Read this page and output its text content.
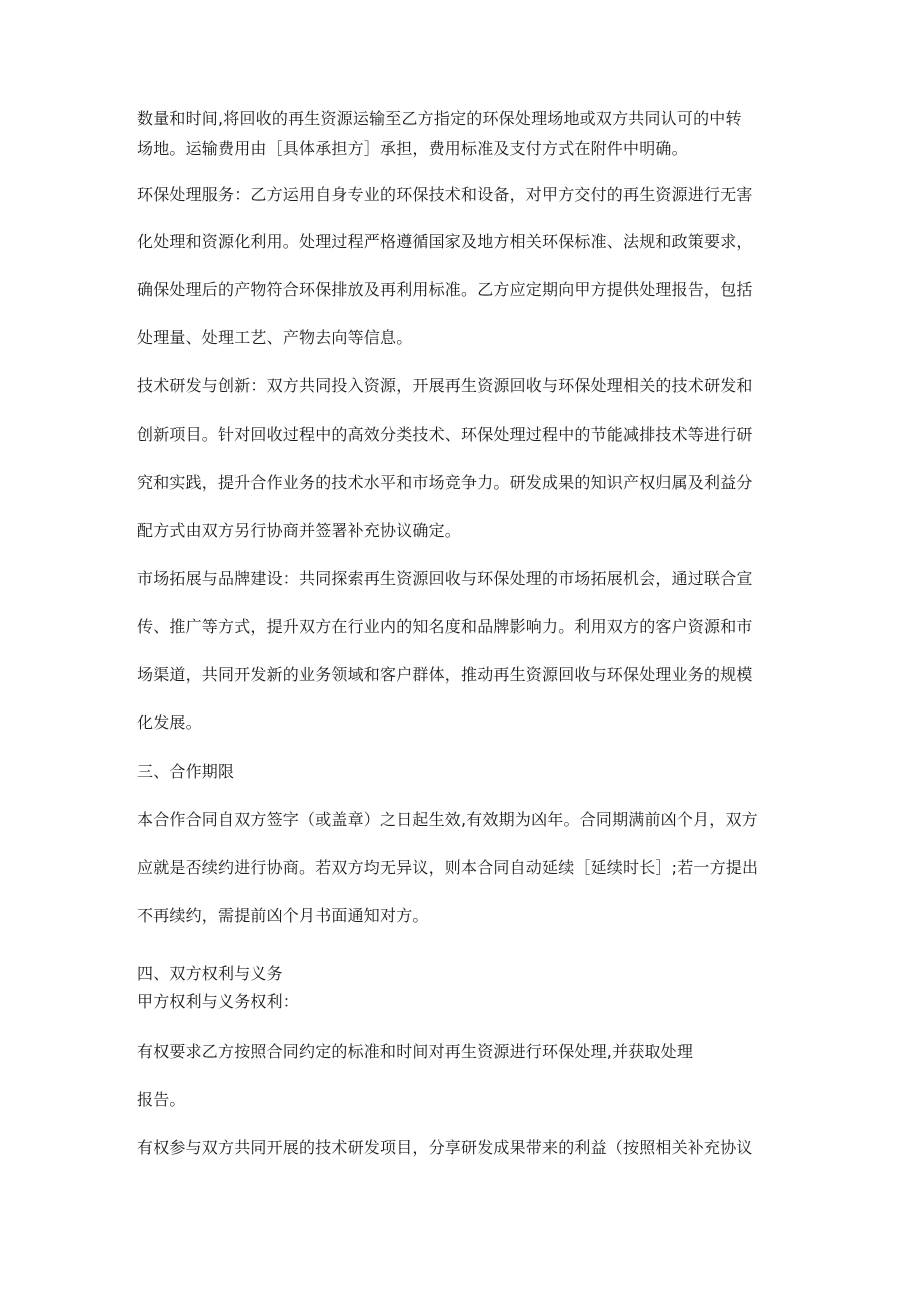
数量和时间,将回收的再生资源运输至乙方指定的环保处理场地或双方共同认可的中转
场地。运输费用由［具体承担方］承担，费用标准及支付方式在附件中明确。
环保处理服务：乙方运用自身专业的环保技术和设备，对甲方交付的再生资源进行无害
化处理和资源化利用。处理过程严格遵循国家及地方相关环保标准、法规和政策要求，
确保处理后的产物符合环保排放及再利用标准。乙方应定期向甲方提供处理报告，包括
处理量、处理工艺、产物去向等信息。
技术研发与创新：双方共同投入资源，开展再生资源回收与环保处理相关的技术研发和
创新项目。针对回收过程中的高效分类技术、环保处理过程中的节能减排技术等进行研
究和实践，提升合作业务的技术水平和市场竞争力。研发成果的知识产权归属及利益分
配方式由双方另行协商并签署补充协议确定。
市场拓展与品牌建设：共同探索再生资源回收与环保处理的市场拓展机会，通过联合宣
传、推广等方式，提升双方在行业内的知名度和品牌影响力。利用双方的客户资源和市
场渠道，共同开发新的业务领域和客户群体，推动再生资源回收与环保处理业务的规模
化发展。
三、合作期限
本合作合同自双方签字（或盖章）之日起生效,有效期为凶年。合同期满前凶个月，双方
应就是否续约进行协商。若双方均无异议，则本合同自动延续［延续时长］;若一方提出
不再续约，需提前凶个月书面通知对方。
四、双方权利与义务
甲方权利与义务权利：
有权要求乙方按照合同约定的标准和时间对再生资源进行环保处理,并获取处理
报告。
有权参与双方共同开展的技术研发项目，分享研发成果带来的利益（按照相关补充协议
